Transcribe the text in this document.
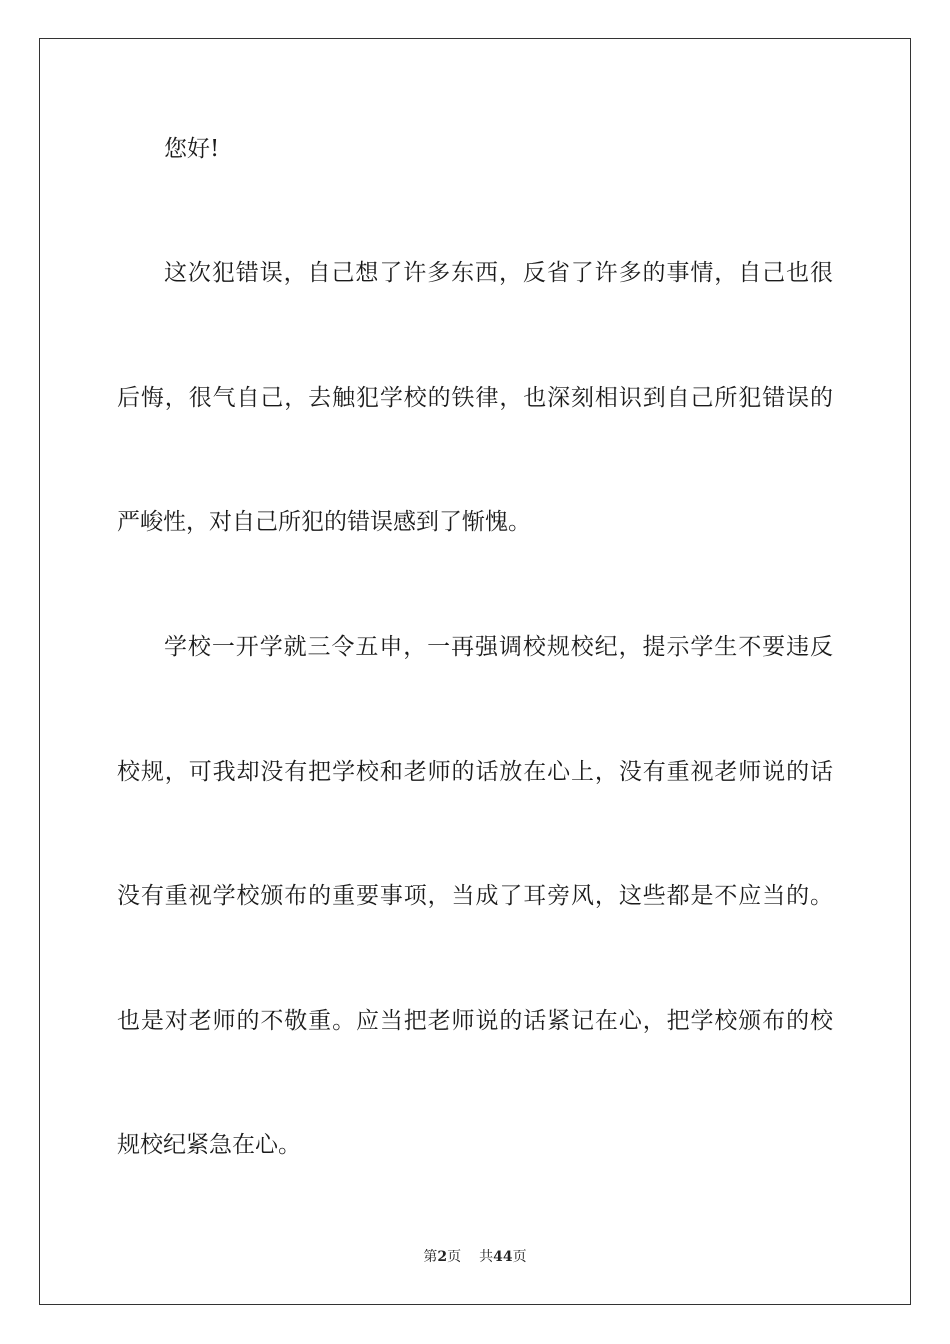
您好!
这次犯错误，自己想了许多东西，反省了许多的事情，自己也很
后悔，很气自己，去触犯学校的铁律，也深刻相识到自己所犯错误的
严峻性，对自己所犯的错误感到了惭愧。
学校一开学就三令五申，一再强调校规校纪，提示学生不要违反
校规，可我却没有把学校和老师的话放在心上，没有重视老师说的话
没有重视学校颁布的重要事项，当成了耳旁风，这些都是不应当的。
也是对老师的不敬重。应当把老师说的话紧记在心，把学校颁布的校
规校纪紧急在心。
第2页 共44页
